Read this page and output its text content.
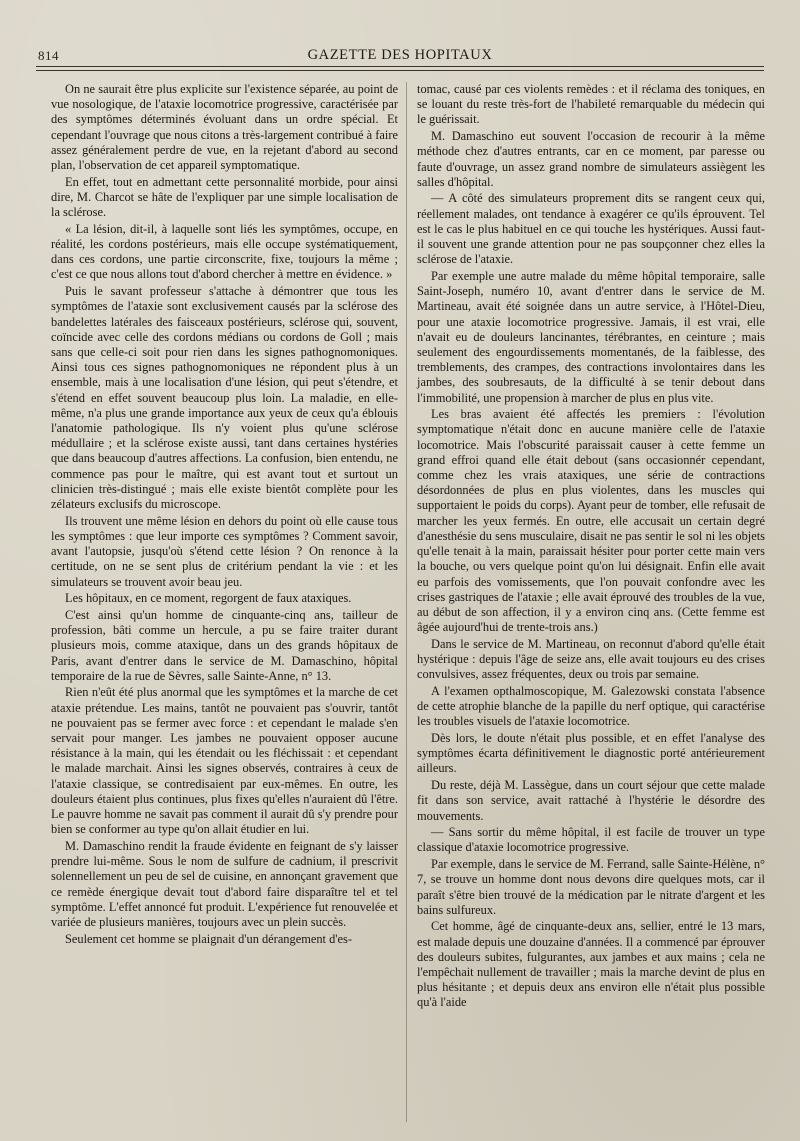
814	GAZETTE DES HOPITAUX

On ne saurait être plus explicite sur l'existence séparée, au point de vue nosologique, de l'ataxie locomotrice progressive, caractérisée par des symptômes déterminés évoluant dans un ordre spécial. Et cependant l'ouvrage que nous citons a très-largement contribué à faire assez généralement perdre de vue, en la rejetant d'abord au second plan, l'observation de cet appareil symptomatique.

En effet, tout en admettant cette personnalité morbide, pour ainsi dire, M. Charcot se hâte de l'expliquer par une simple localisation de la sclérose.

« La lésion, dit-il, à laquelle sont liés les symptômes, occupe, en réalité, les cordons postérieurs, mais elle occupe systématiquement, dans ces cordons, une partie circonscrite, fixe, toujours la même ; c'est ce que nous allons tout d'abord chercher à mettre en évidence. »

Puis le savant professeur s'attache à démontrer que tous les symptômes de l'ataxie sont exclusivement causés par la sclérose des bandelettes latérales des faisceaux postérieurs, sclérose qui, souvent, coïncide avec celle des cordons médians ou cordons de Goll ; mais sans que celle-ci soit pour rien dans les signes pathognomoniques. Ainsi tous ces signes pathognomoniques ne répondent plus à un ensemble, mais à une localisation d'une lésion, qui peut s'étendre, et s'étend en effet souvent beaucoup plus loin. La maladie, en elle-même, n'a plus une grande importance aux yeux de ceux qu'a éblouis l'anatomie pathologique. Ils n'y voient plus qu'une sclérose médullaire ; et la sclérose existe aussi, tant dans certaines hystéries que dans beaucoup d'autres affections. La confusion, bien entendu, ne commence pas pour le maître, qui est avant tout et surtout un clinicien très-distingué ; mais elle existe bientôt complète pour les zélateurs exclusifs du microscope.

Ils trouvent une même lésion en dehors du point où elle cause tous les symptômes : que leur importe ces symptômes ? Comment savoir, avant l'autopsie, jusqu'où s'étend cette lésion ? On renonce à la certitude, on ne se sent plus de critérium pendant la vie : et les simulateurs se trouvent avoir beau jeu.

Les hôpitaux, en ce moment, regorgent de faux ataxiques.

C'est ainsi qu'un homme de cinquante-cinq ans, tailleur de profession, bâti comme un hercule, a pu se faire traiter durant plusieurs mois, comme ataxique, dans un des grands hôpitaux de Paris, avant d'entrer dans le service de M. Damaschino, hôpital temporaire de la rue de Sèvres, salle Sainte-Anne, n° 13.

Rien n'eût été plus anormal que les symptômes et la marche de cet ataxie prétendue. Les mains, tantôt ne pouvaient pas s'ouvrir, tantôt ne pouvaient pas se fermer avec force : et cependant le malade s'en servait pour manger. Les jambes ne pouvaient opposer aucune résistance à la main, qui les étendait ou les fléchissait : et cependant le malade marchait. Ainsi les signes observés, contraires à ceux de l'ataxie classique, se contredisaient par eux-mêmes. En outre, les douleurs étaient plus continues, plus fixes qu'elles n'auraient dû l'être. Le pauvre homme ne savait pas comment il aurait dû s'y prendre pour bien se conformer au type qu'on allait étudier en lui.

M. Damaschino rendit la fraude évidente en feignant de s'y laisser prendre lui-même. Sous le nom de sulfure de cadnium, il prescrivit solennellement un peu de sel de cuisine, en annonçant gravement que ce remède énergique devait tout d'abord faire disparaître tel et tel symptôme. L'effet annoncé fut produit. L'expérience fut renouvelée et variée de plusieurs manières, toujours avec un plein succès.

Seulement cet homme se plaignait d'un dérangement d'es-

tomac, causé par ces violents remèdes : et il réclama des toniques, en se louant du reste très-fort de l'habileté remarquable du médecin qui le guérissait.

M. Damaschino eut souvent l'occasion de recourir à la même méthode chez d'autres entrants, car en ce moment, par paresse ou faute d'ouvrage, un assez grand nombre de simulateurs assiègent les salles d'hôpital.

— A côté des simulateurs proprement dits se rangent ceux qui, réellement malades, ont tendance à exagérer ce qu'ils éprouvent. Tel est le cas le plus habituel en ce qui touche les hystériques. Aussi faut-il souvent une grande attention pour ne pas soupçonner chez elles la sclérose de l'ataxie.

Par exemple une autre malade du même hôpital temporaire, salle Saint-Joseph, numéro 10, avant d'entrer dans le service de M. Martineau, avait été soignée dans un autre service, à l'Hôtel-Dieu, pour une ataxie locomotrice progressive. Jamais, il est vrai, elle n'avait eu de douleurs lancinantes, térébrantes, en ceinture ; mais seulement des engourdissements momentanés, de la faiblesse, des tremblements, des crampes, des contractions involontaires dans les jambes, des soubresauts, de la difficulté à se tenir debout dans l'immobilité, une propension à marcher de plus en plus vite.

Les bras avaient été affectés les premiers : l'évolution symptomatique n'était donc en aucune manière celle de l'ataxie locomotrice. Mais l'obscurité paraissait causer à cette femme un grand effroi quand elle était debout (sans occasionnér cependant, comme chez les vrais ataxiques, une série de contractions désordonnées de plus en plus violentes, dans les muscles qui supportaient le poids du corps). Ayant peur de tomber, elle refusait de marcher les yeux fermés. En outre, elle accusait un certain degré d'anesthésie du sens musculaire, disait ne pas sentir le sol ni les objets qu'elle tenait à la main, paraissait hésiter pour porter cette main vers la bouche, ou vers quelque point qu'on lui désignait. Enfin elle avait eu parfois des vomissements, que l'on pouvait confondre avec les crises gastriques de l'ataxie ; elle avait éprouvé des troubles de la vue, au début de son affection, il y a environ cinq ans. (Cette femme est âgée aujourd'hui de trente-trois ans.)

Dans le service de M. Martineau, on reconnut d'abord qu'elle était hystérique : depuis l'âge de seize ans, elle avait toujours eu des crises convulsives, assez fréquentes, deux ou trois par semaine.

A l'examen opthalmoscopique, M. Galezowski constata l'absence de cette atrophie blanche de la papille du nerf optique, qui caractérise les troubles visuels de l'ataxie locomotrice.

Dès lors, le doute n'était plus possible, et en effet l'analyse des symptômes écarta définitivement le diagnostic porté antérieurement ailleurs.

Du reste, déjà M. Lassègue, dans un court séjour que cette malade fit dans son service, avait rattaché à l'hystérie le désordre des mouvements.

— Sans sortir du même hôpital, il est facile de trouver un type classique d'ataxie locomotrice progressive.

Par exemple, dans le service de M. Ferrand, salle Sainte-Hélène, n° 7, se trouve un homme dont nous devons dire quelques mots, car il paraît s'être bien trouvé de la médication par le nitrate d'argent et les bains sulfureux.

Cet homme, âgé de cinquante-deux ans, sellier, entré le 13 mars, est malade depuis une douzaine d'années. Il a commencé par éprouver des douleurs subites, fulgurantes, aux jambes et aux mains ; cela ne l'empêchait nullement de travailler ; mais la marche devint de plus en plus hésitante ; et depuis deux ans environ elle n'était plus possible qu'à l'aide
